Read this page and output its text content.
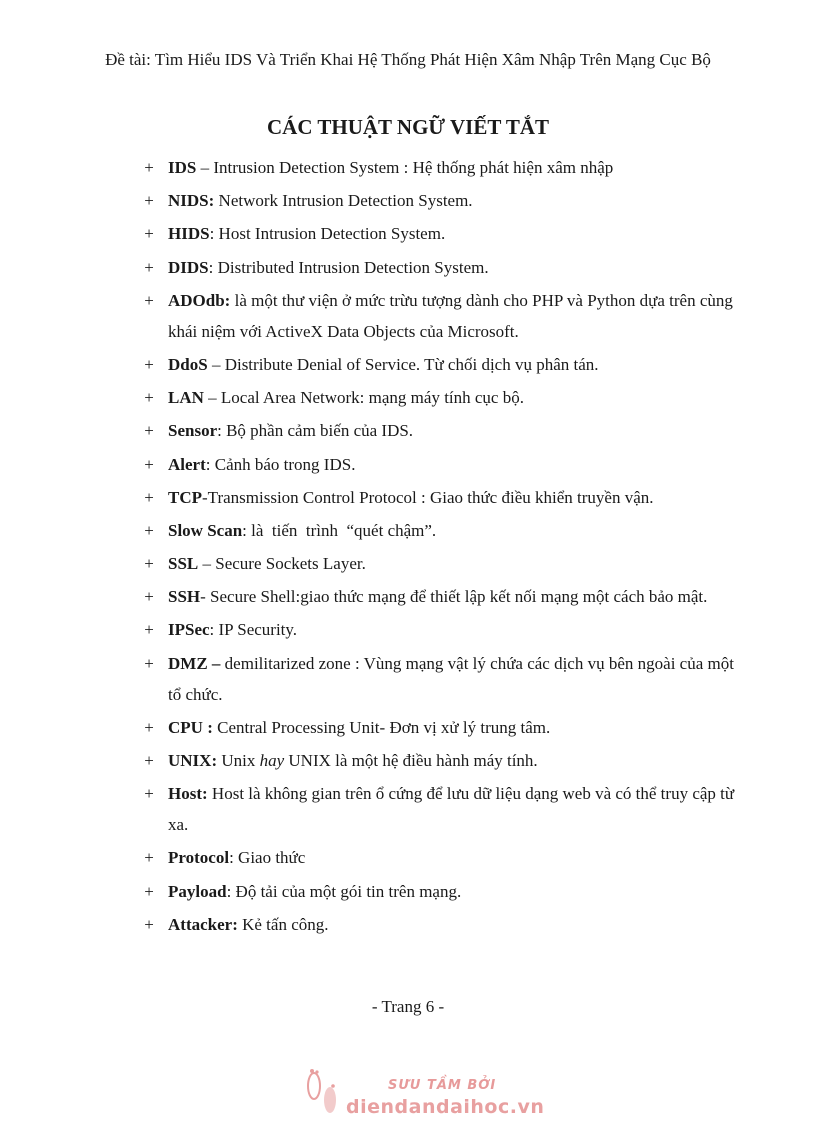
Đề tài: Tìm Hiểu IDS Và Triển Khai Hệ Thống Phát Hiện Xâm Nhập Trên Mạng Cục Bộ
CÁC THUẬT NGỮ VIẾT TẮT
+ IDS – Intrusion Detection System : Hệ thống phát hiện xâm nhập
+ NIDS: Network Intrusion Detection System.
+ HIDS: Host Intrusion Detection System.
+ DIDS: Distributed Intrusion Detection System.
+ ADOdb: là một thư viện ở mức trừu tượng dành cho PHP và Python dựa trên cùng khái niệm với ActiveX Data Objects của Microsoft.
+ DdoS – Distribute Denial of Service. Từ chối dịch vụ phân tán.
+ LAN – Local Area Network: mạng máy tính cục bộ.
+ Sensor: Bộ phần cảm biến của IDS.
+ Alert: Cảnh báo trong IDS.
+ TCP-Transmission Control Protocol : Giao thức điều khiển truyền vận.
+ Slow Scan: là  tiến  trình  “quét chậm”.
+ SSL – Secure Sockets Layer.
+ SSH- Secure Shell:giao thức mạng để thiết lập kết nối mạng một cách bảo mật.
+ IPSec: IP Security.
+ DMZ – demilitarized zone : Vùng mạng vật lý chứa các dịch vụ bên ngoài của một tổ chức.
+ CPU : Central Processing Unit- Đơn vị xử lý trung tâm.
+ UNIX: Unix hay UNIX là một hệ điều hành máy tính.
+ Host: Host là không gian trên ổ cứng để lưu dữ liệu dạng web và có thể truy cập từ xa.
+ Protocol: Giao thức
+ Payload: Độ tải của một gói tin trên mạng.
+ Attacker: Kẻ tấn công.
- Trang 6 -
SƯU TẦM BỞI
diendandaihoc.vn
